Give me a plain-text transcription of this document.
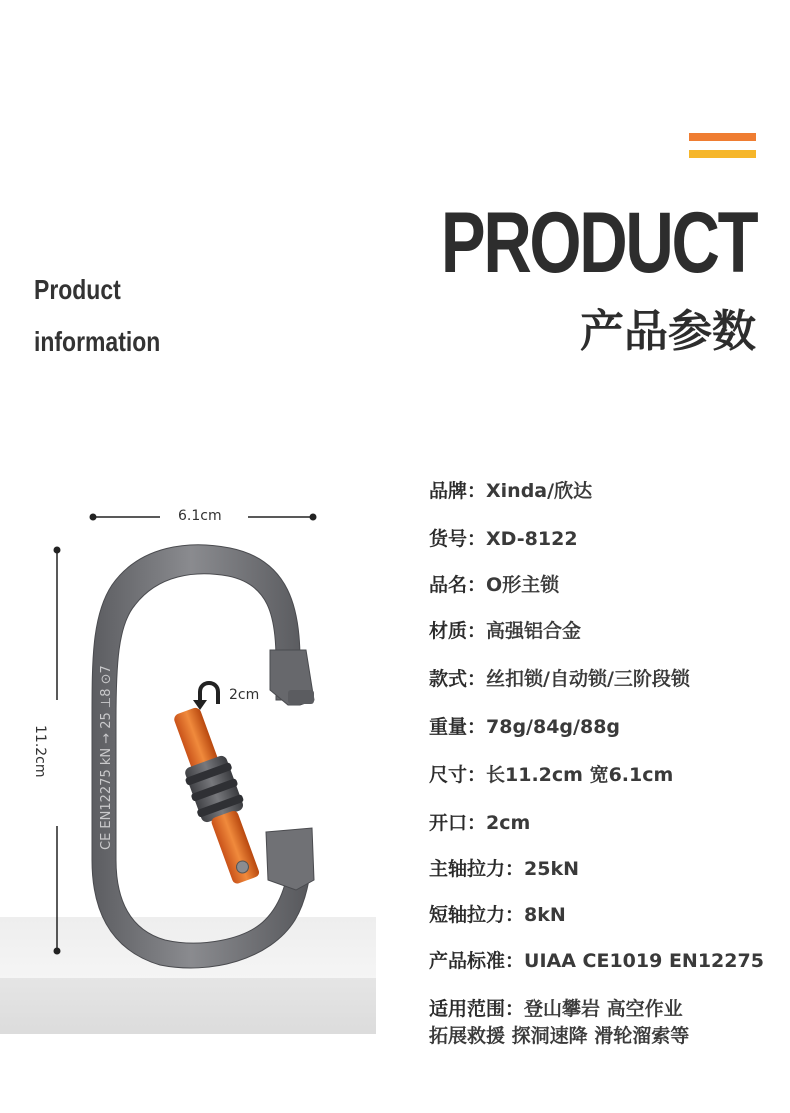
PRODUCT
产品参数
Product
information
CE EN12275 kN → 25 ⊥8 ⊙7
6.1cm
11.2cm
2cm
品牌：Xinda/欣达
货号：XD-8122
品名：O形主锁
材质：高强铝合金
款式：丝扣锁/自动锁/三阶段锁
重量：78g/84g/88g
尺寸：长11.2cm 宽6.1cm
开口：2cm
主轴拉力：25kN
短轴拉力：8kN
产品标准：UIAA CE1019 EN12275
适用范围：登山攀岩 高空作业
拓展救援 探洞速降 滑轮溜索等
